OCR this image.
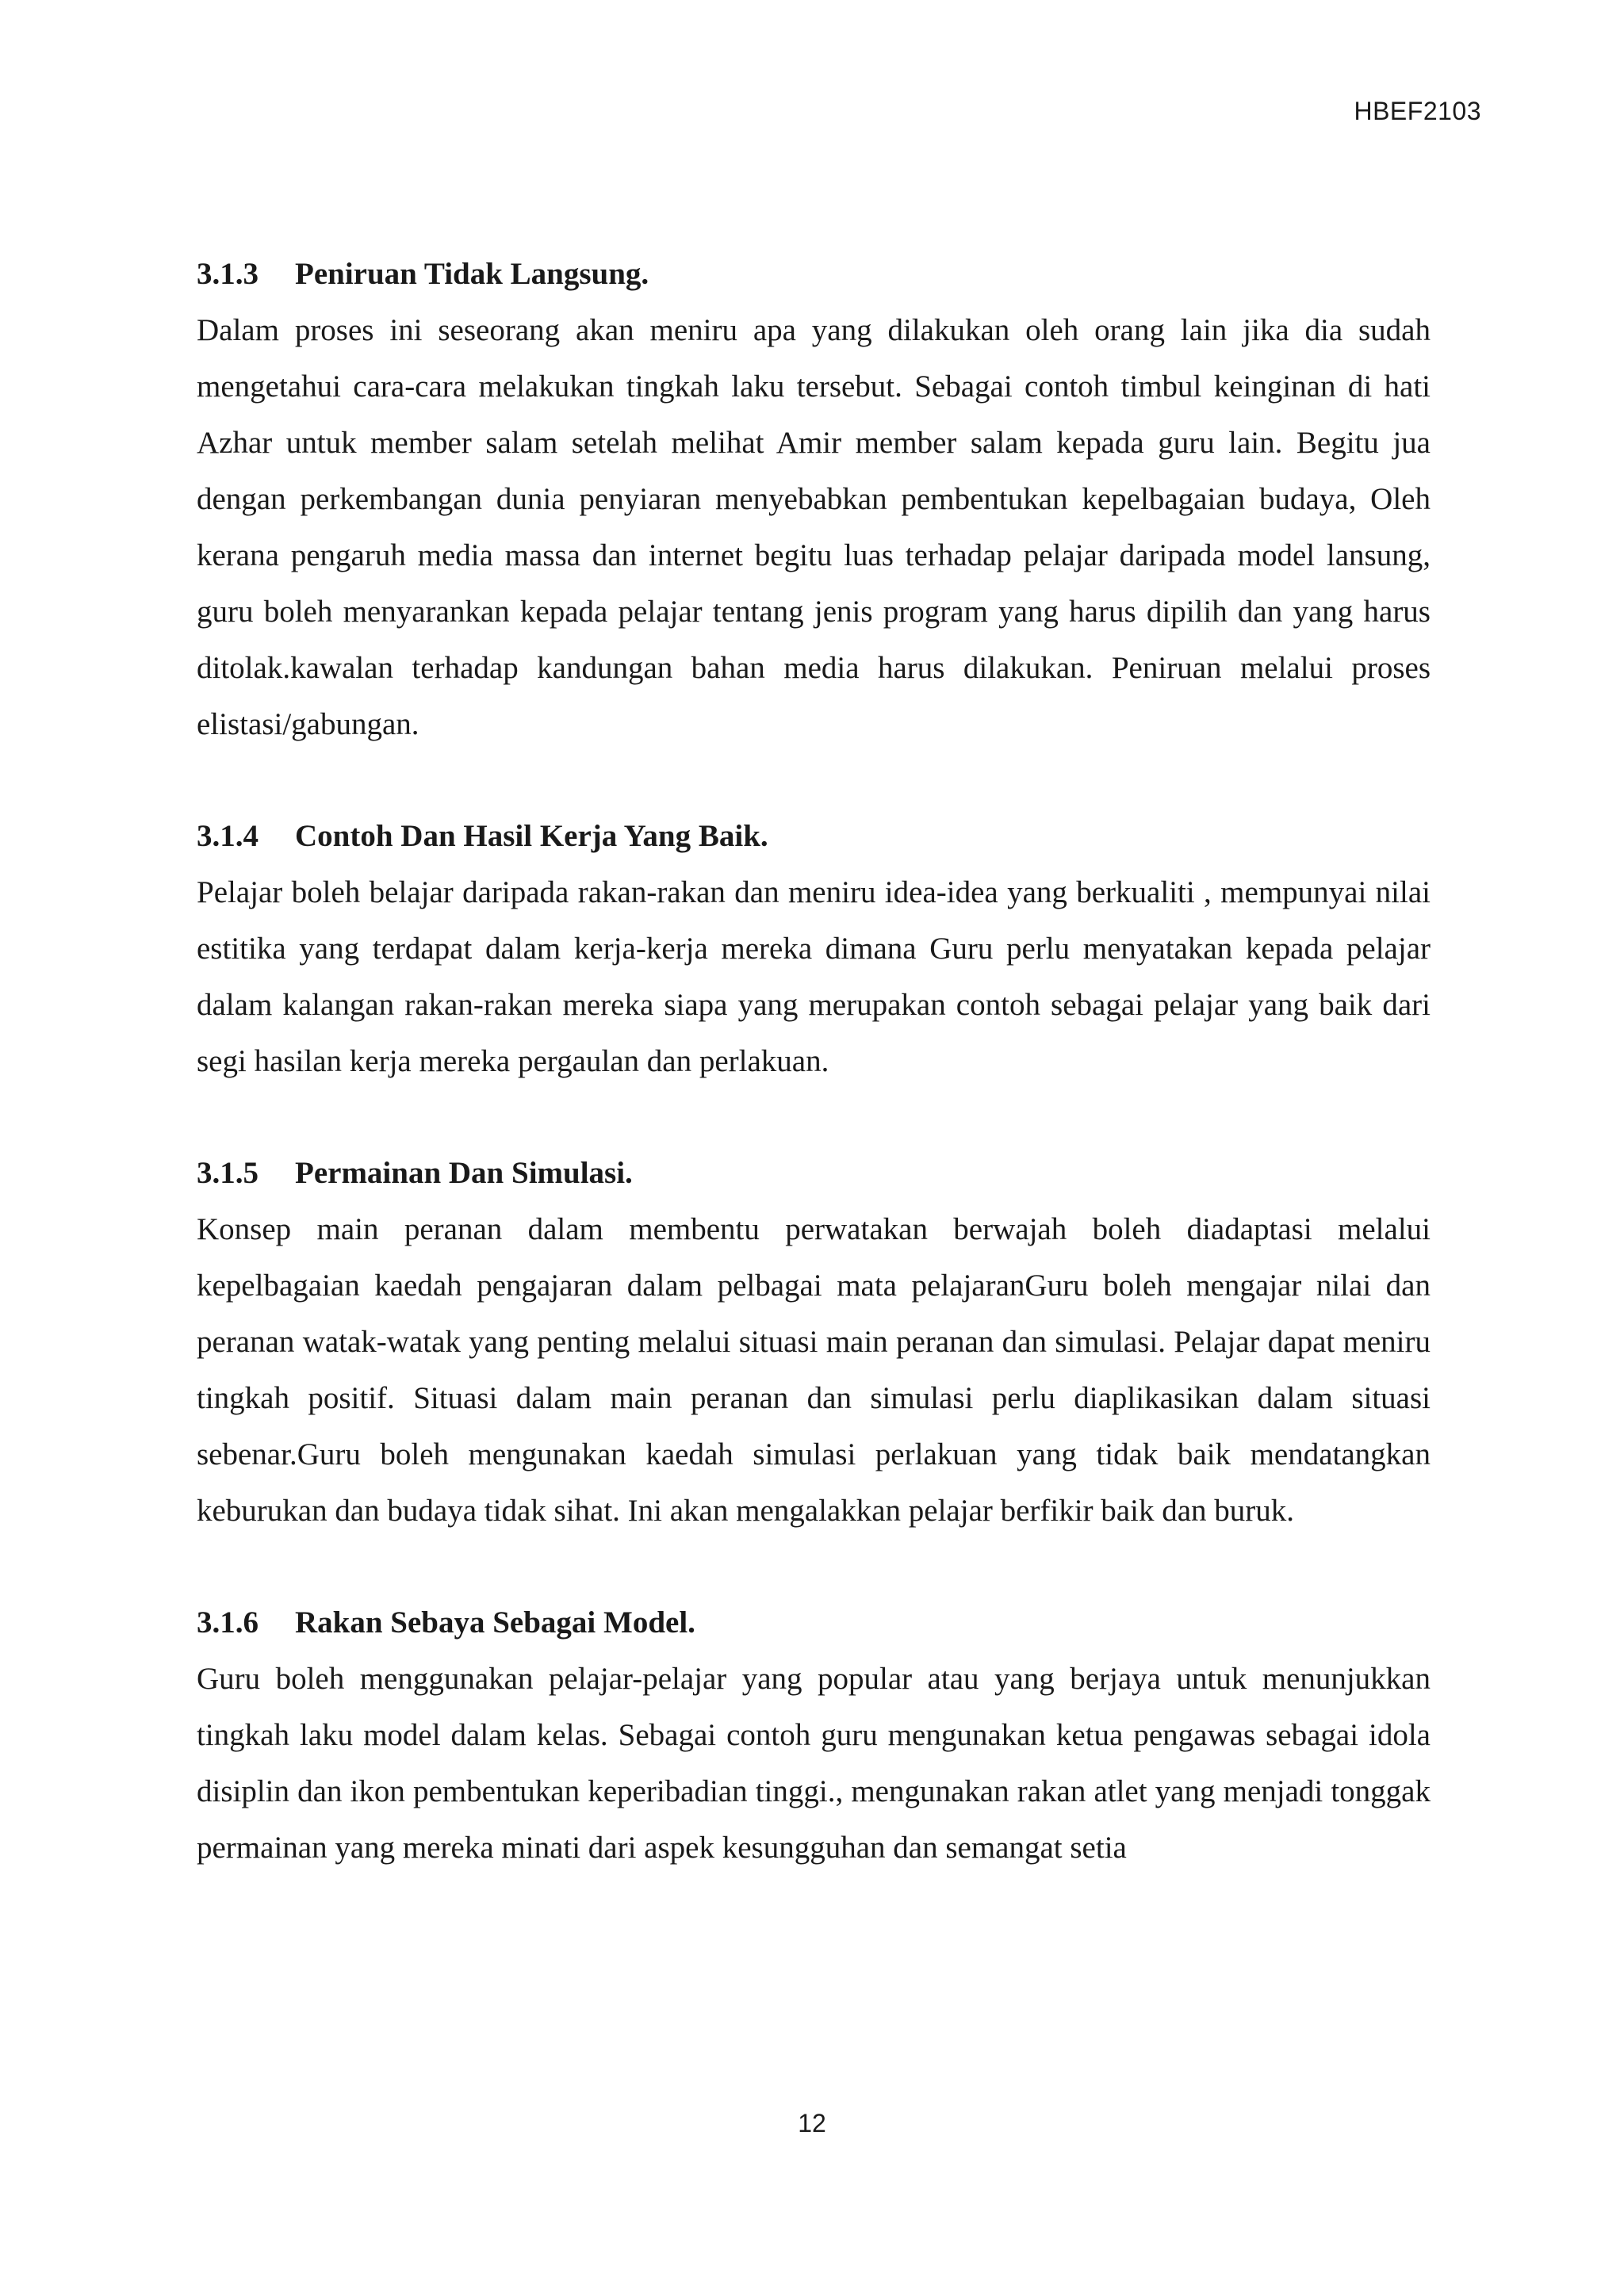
HBEF2103

3.1.3 Peniruan Tidak Langsung.

Dalam proses ini seseorang akan meniru apa yang dilakukan oleh orang lain jika dia sudah mengetahui cara-cara melakukan tingkah laku tersebut. Sebagai contoh timbul keinginan di hati Azhar untuk member salam setelah melihat Amir member salam kepada guru lain. Begitu jua dengan perkembangan dunia penyiaran menyebabkan pembentukan kepelbagaian budaya, Oleh kerana pengaruh media massa dan internet begitu luas terhadap pelajar daripada model lansung, guru boleh menyarankan kepada pelajar tentang jenis program yang harus dipilih dan yang harus ditolak.kawalan terhadap kandungan bahan media harus dilakukan. Peniruan melalui proses elistasi/gabungan.

3.1.4 Contoh Dan Hasil Kerja Yang Baik.

Pelajar boleh belajar daripada rakan-rakan dan meniru idea-idea yang berkualiti , mempunyai nilai estitika yang terdapat dalam kerja-kerja mereka dimana Guru perlu menyatakan kepada pelajar dalam kalangan rakan-rakan mereka siapa yang merupakan contoh sebagai pelajar yang baik dari segi hasilan kerja mereka pergaulan dan perlakuan.

3.1.5 Permainan Dan Simulasi.

Konsep main peranan dalam membentu perwatakan berwajah boleh diadaptasi melalui kepelbagaian kaedah pengajaran dalam pelbagai mata pelajaranGuru boleh mengajar nilai dan peranan watak-watak yang penting melalui situasi main peranan dan simulasi. Pelajar dapat meniru tingkah positif. Situasi dalam main peranan dan simulasi perlu diaplikasikan dalam situasi sebenar.Guru boleh mengunakan kaedah simulasi perlakuan yang tidak baik mendatangkan keburukan dan budaya tidak sihat. Ini akan mengalakkan pelajar berfikir baik dan buruk.

3.1.6 Rakan Sebaya Sebagai Model.

Guru boleh menggunakan pelajar-pelajar yang popular atau yang berjaya untuk menunjukkan tingkah laku model dalam kelas. Sebagai contoh guru mengunakan ketua pengawas sebagai idola disiplin dan ikon pembentukan keperibadian tinggi., mengunakan rakan atlet yang menjadi tonggak permainan yang mereka minati dari aspek kesungguhan dan semangat setia

12
